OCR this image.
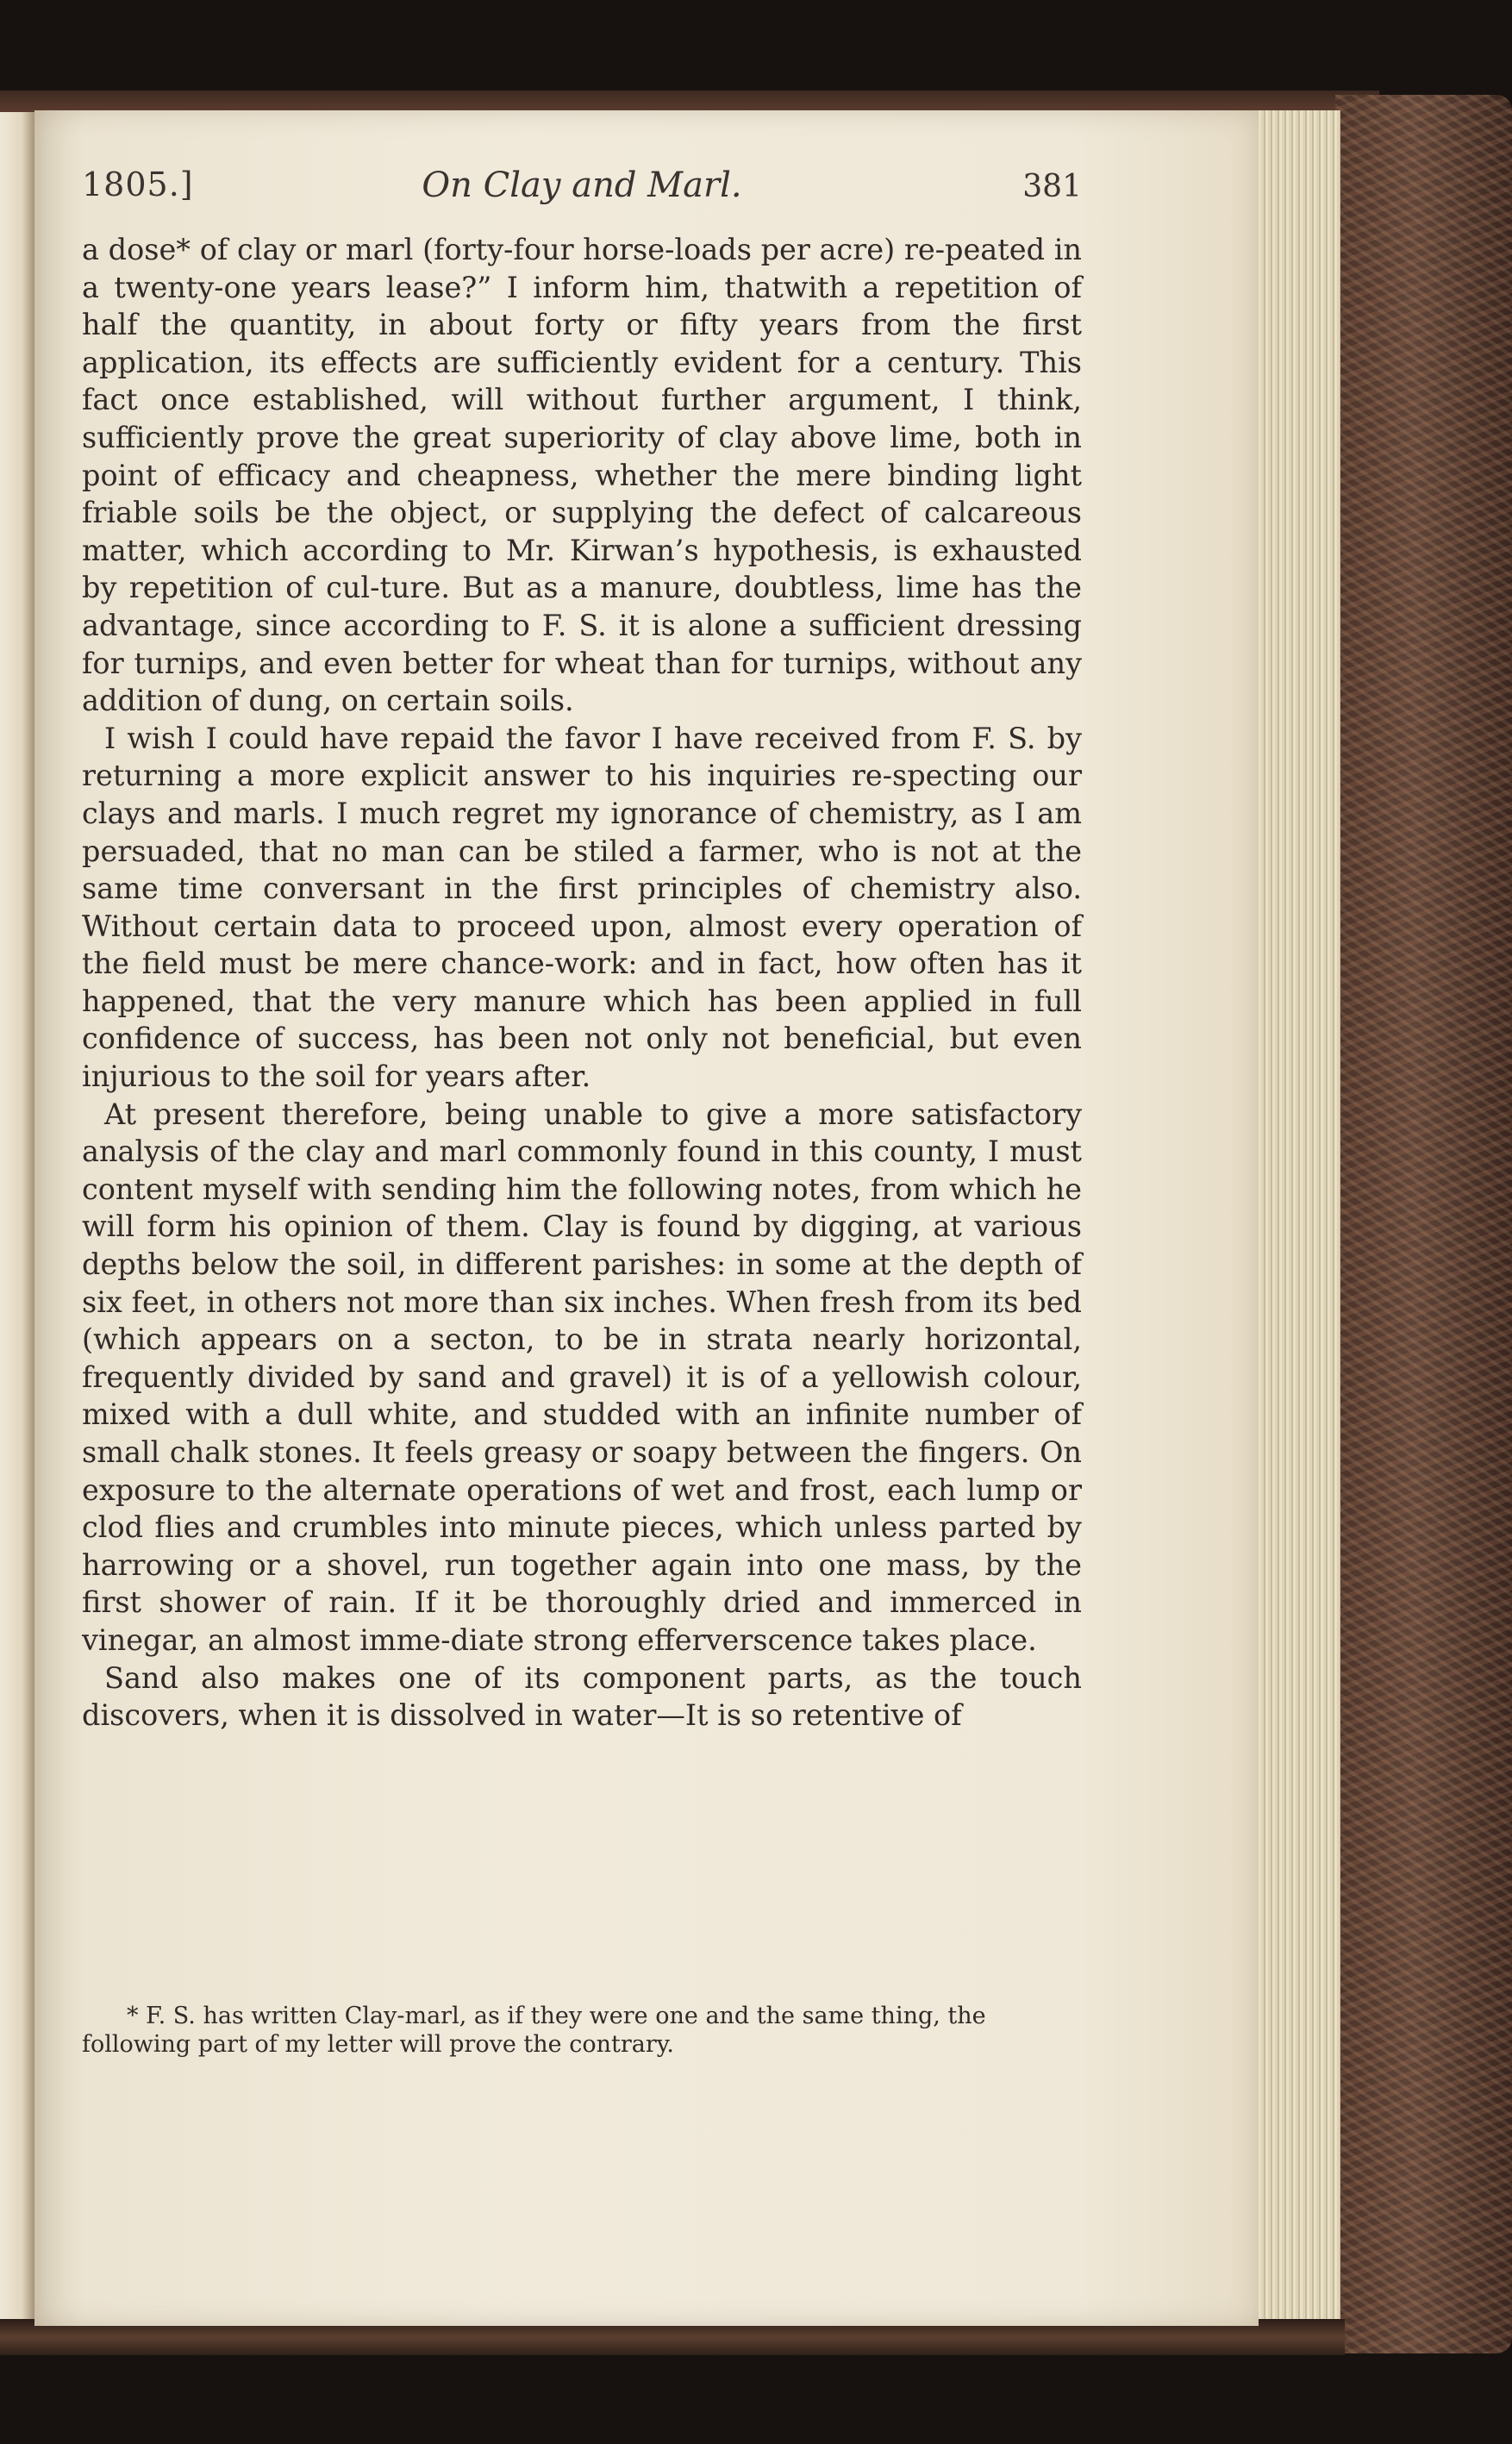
1805.]	On Clay and Marl.	381

a dose* of clay or marl (forty-four horse-loads per acre) re-peated in a twenty-one years lease?” I inform him, thatwith a repetition of half the quantity, in about forty or fifty years from the first application, its effects are sufficiently evident for a century. This fact once established, will without further argument, I think, sufficiently prove the great superiority of clay above lime, both in point of efficacy and cheapness, whether the mere binding light friable soils be the object, or supplying the defect of calcareous matter, which according to Mr. Kirwan’s hypothesis, is exhausted by repetition of cul-ture. But as a manure, doubtless, lime has the advantage, since according to F. S. it is alone a sufficient dressing for turnips, and even better for wheat than for turnips, without any addition of dung, on certain soils.

I wish I could have repaid the favor I have received from F. S. by returning a more explicit answer to his inquiries re-specting our clays and marls. I much regret my ignorance of chemistry, as I am persuaded, that no man can be stiled a farmer, who is not at the same time conversant in the first principles of chemistry also. Without certain data to proceed upon, almost every operation of the field must be mere chance-work: and in fact, how often has it happened, that the very manure which has been applied in full confidence of success, has been not only not beneficial, but even injurious to the soil for years after.

At present therefore, being unable to give a more satisfactory analysis of the clay and marl commonly found in this county, I must content myself with sending him the following notes, from which he will form his opinion of them. Clay is found by digging, at various depths below the soil, in different parishes: in some at the depth of six feet, in others not more than six inches. When fresh from its bed (which appears on a secton, to be in strata nearly horizontal, frequently divided by sand and gravel) it is of a yellowish colour, mixed with a dull white, and studded with an infinite number of small chalk stones. It feels greasy or soapy between the fingers. On exposure to the alternate operations of wet and frost, each lump or clod flies and crumbles into minute pieces, which unless parted by harrowing or a shovel, run together again into one mass, by the first shower of rain. If it be thoroughly dried and immerced in vinegar, an almost imme-diate strong efferverscence takes place.

Sand also makes one of its component parts, as the touch discovers, when it is dissolved in water—It is so retentive of

* F. S. has written Clay-marl, as if they were one and the same thing, the following part of my letter will prove the contrary.
